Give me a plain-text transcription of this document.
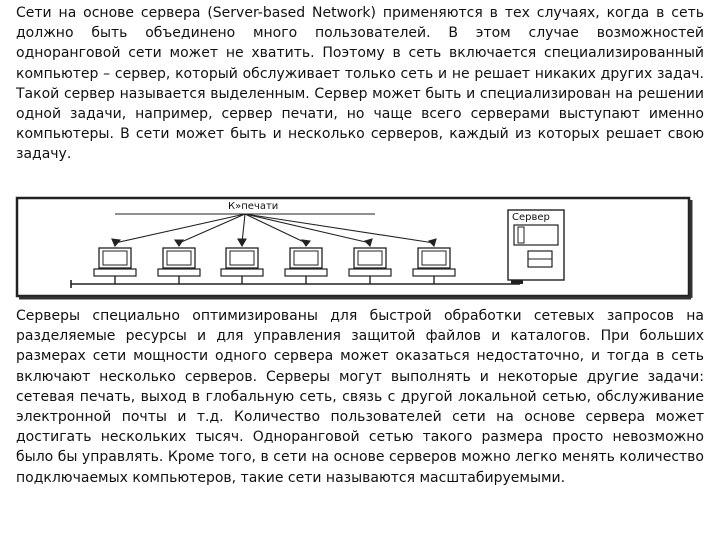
Сети на основе сервера (Server-based Network) применяются в тех случаях, когда в сеть должно быть объединено много пользователей. В этом случае возможностей одноранговой сети может не хватить. Поэтому в сеть включается специализированный компьютер – сервер, который обслуживает только сеть и не решает никаких других задач. Такой сервер называется выделенным. Сервер может быть и специализирован на решении одной задачи, например, сервер печати, но чаще всего серверами выступают именно компьютеры. В сети может быть и несколько серверов, каждый из которых решает свою задачу.

К»печати
Сервер

Серверы специально оптимизированы для быстрой обработки сетевых запросов на разделяемые ресурсы и для управления защитой файлов и каталогов. При больших размерах сети мощности одного сервера может оказаться недостаточно, и тогда в сеть включают несколько серверов. Серверы могут выполнять и некоторые другие задачи: сетевая печать, выход в глобальную сеть, связь с другой локальной сетью, обслуживание электронной почты и т.д. Количество пользователей сети на основе сервера может достигать нескольких тысяч. Одноранговой сетью такого размера просто невозможно было бы управлять. Кроме того, в сети на основе серверов можно легко менять количество подключаемых компьютеров, такие сети называются масштабируемыми.
